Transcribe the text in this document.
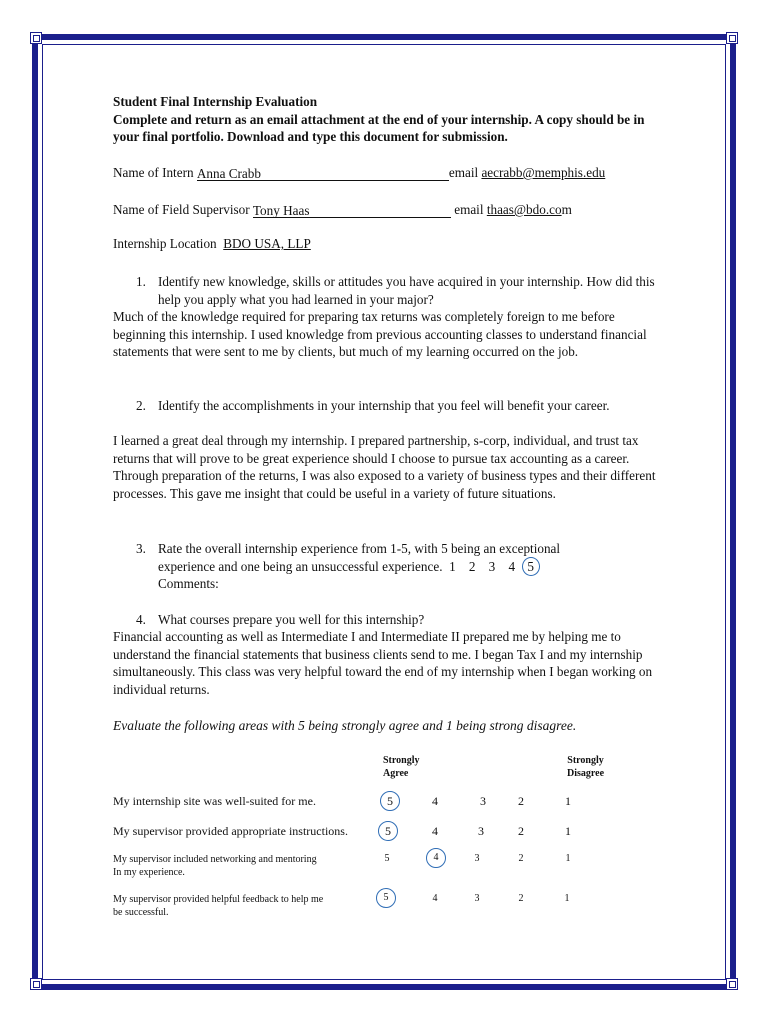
Student Final Internship Evaluation
Complete and return as an email attachment at the end of your internship. A copy should be in your final portfolio. Download and type this document for submission.
Name of Intern Anna Crabb	email aecrabb@memphis.edu
Name of Field Supervisor Tony Haas	email thaas@bdo.com
Internship Location BDO USA, LLP
1. Identify new knowledge, skills or attitudes you have acquired in your internship. How did this help you apply what you had learned in your major?
Much of the knowledge required for preparing tax returns was completely foreign to me before beginning this internship. I used knowledge from previous accounting classes to understand financial statements that were sent to me by clients, but much of my learning occurred on the job.
2. Identify the accomplishments in your internship that you feel will benefit your career.
I learned a great deal through my internship. I prepared partnership, s-corp, individual, and trust tax returns that will prove to be great experience should I choose to pursue tax accounting as a career. Through preparation of the returns, I was also exposed to a variety of business types and their different processes. This gave me insight that could be useful in a variety of future situations.
3. Rate the overall internship experience from 1-5, with 5 being an exceptional
experience and one being an unsuccessful experience. 1    2    3    4 5
Comments:
4. What courses prepare you well for this internship?
Financial accounting as well as Intermediate I and Intermediate II prepared me by helping me to understand the financial statements that business clients send to me. I began Tax I and my internship simultaneously. This class was very helpful toward the end of my internship when I began working on individual returns.
Evaluate the following areas with 5 being strongly agree and 1 being strong disagree.
Strongly
Agree
Strongly
Disagree
My internship site was well-suited for me.	5	4	3	2	1
My supervisor provided appropriate instructions.	5	4	3	2	1
My supervisor included networking and mentoring
In my experience.
5	4	3	2	1
My supervisor provided helpful feedback to help me
be successful.
5	4	3	2	1
